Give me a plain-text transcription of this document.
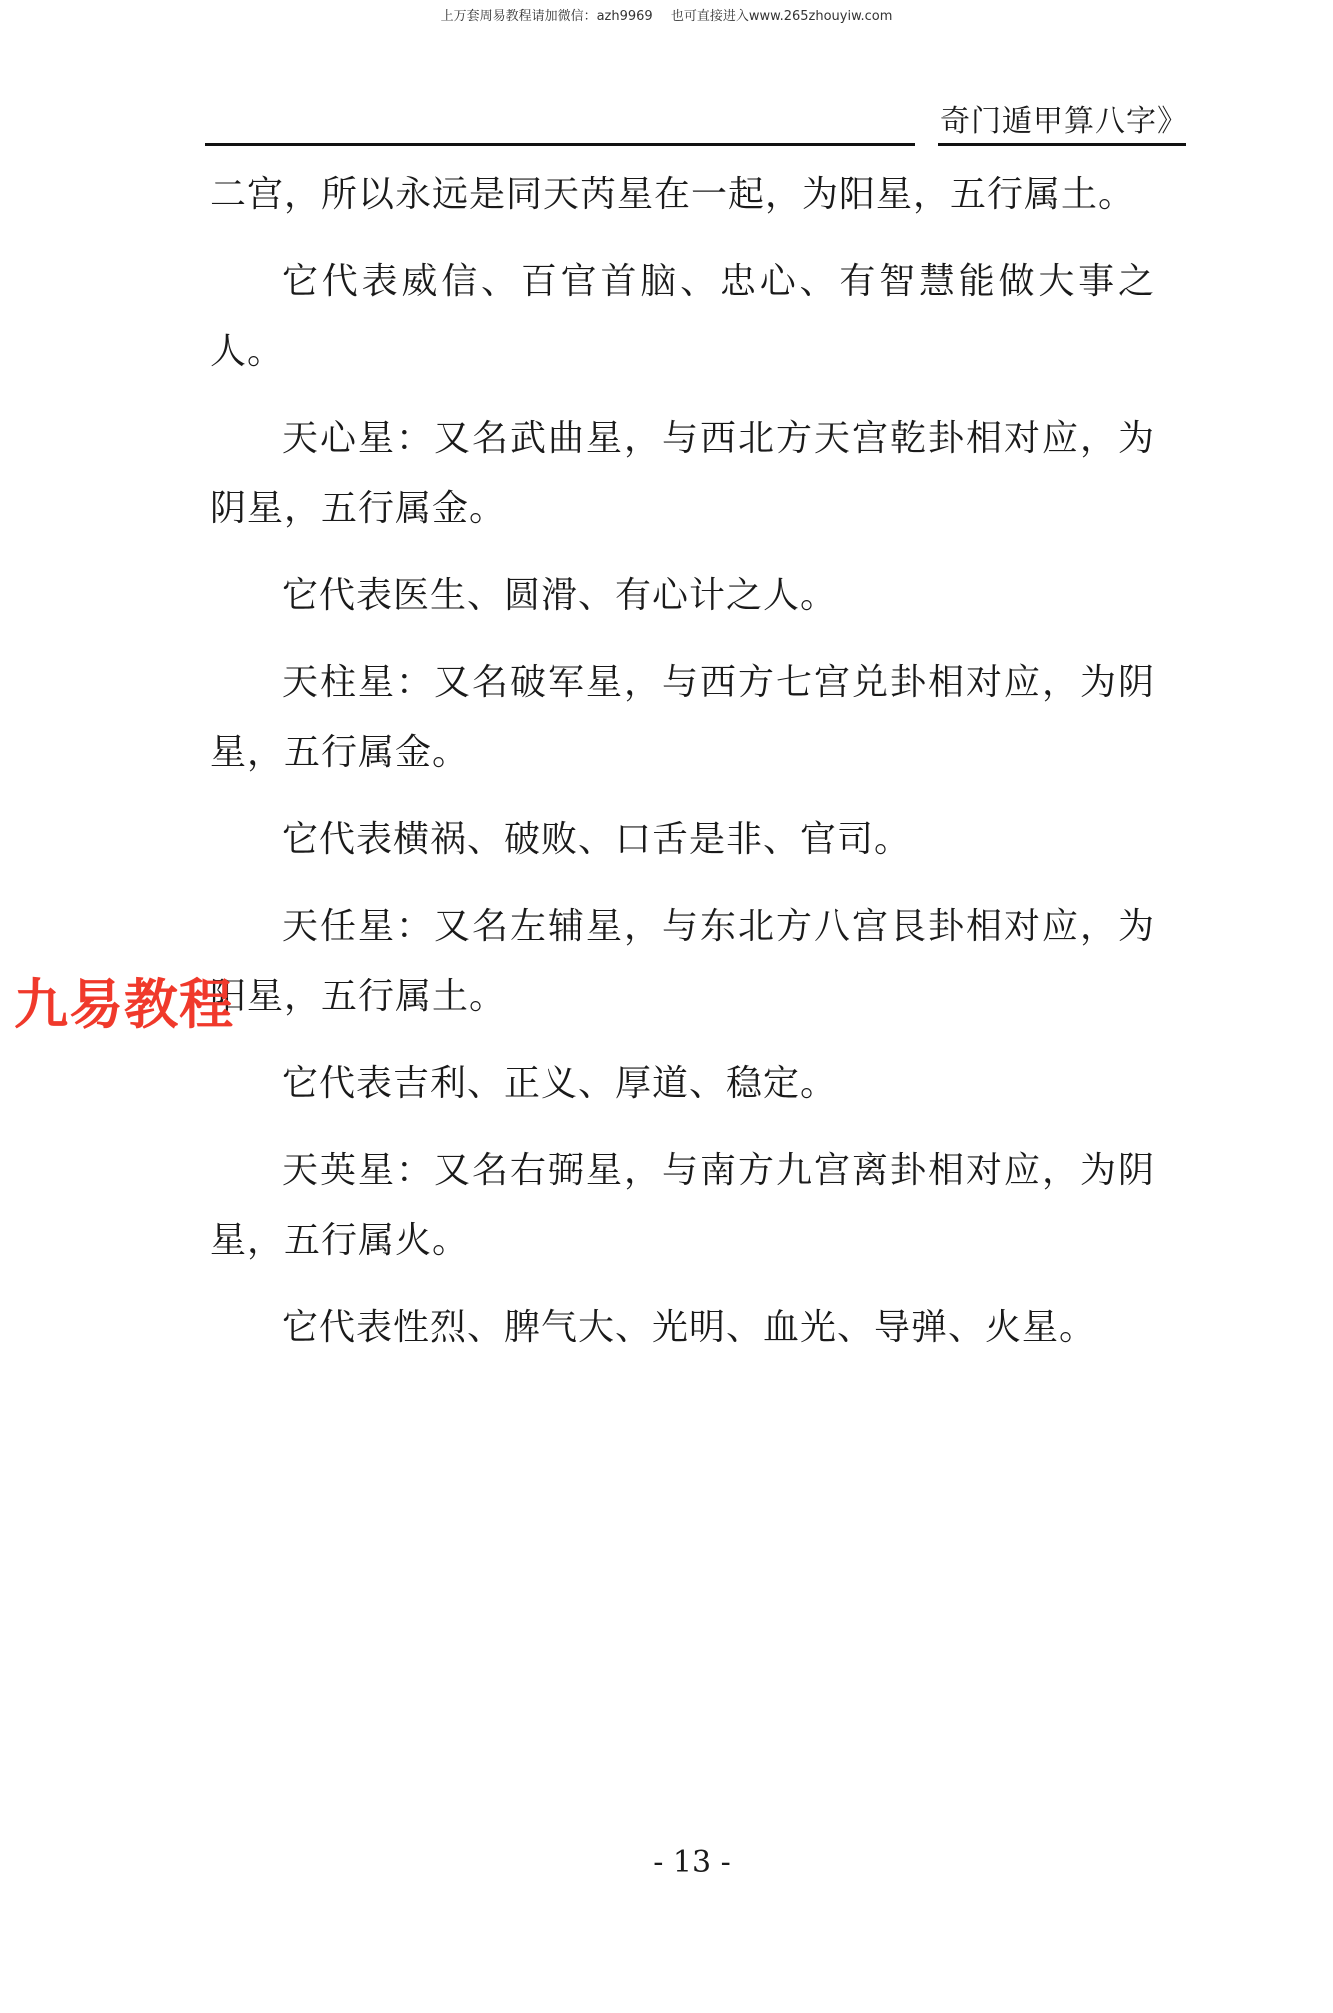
上万套周易教程请加微信：azh9969 也可直接进入www.265zhouyiw.com
奇门遁甲算八字》

二宫，所以永远是同天芮星在一起，为阳星，五行属土。

它代表威信、百官首脑、忠心、有智慧能做大事之人。

天心星：又名武曲星，与西北方天宫乾卦相对应，为阴星，五行属金。

它代表医生、圆滑、有心计之人。

天柱星：又名破军星，与西方七宫兑卦相对应，为阴星，五行属金。

它代表横祸、破败、口舌是非、官司。

天任星：又名左辅星，与东北方八宫艮卦相对应，为阳星，五行属土。

它代表吉利、正义、厚道、稳定。

天英星：又名右弼星，与南方九宫离卦相对应，为阴星，五行属火。

它代表性烈、脾气大、光明、血光、导弹、火星。

九易教程
- 13 -
